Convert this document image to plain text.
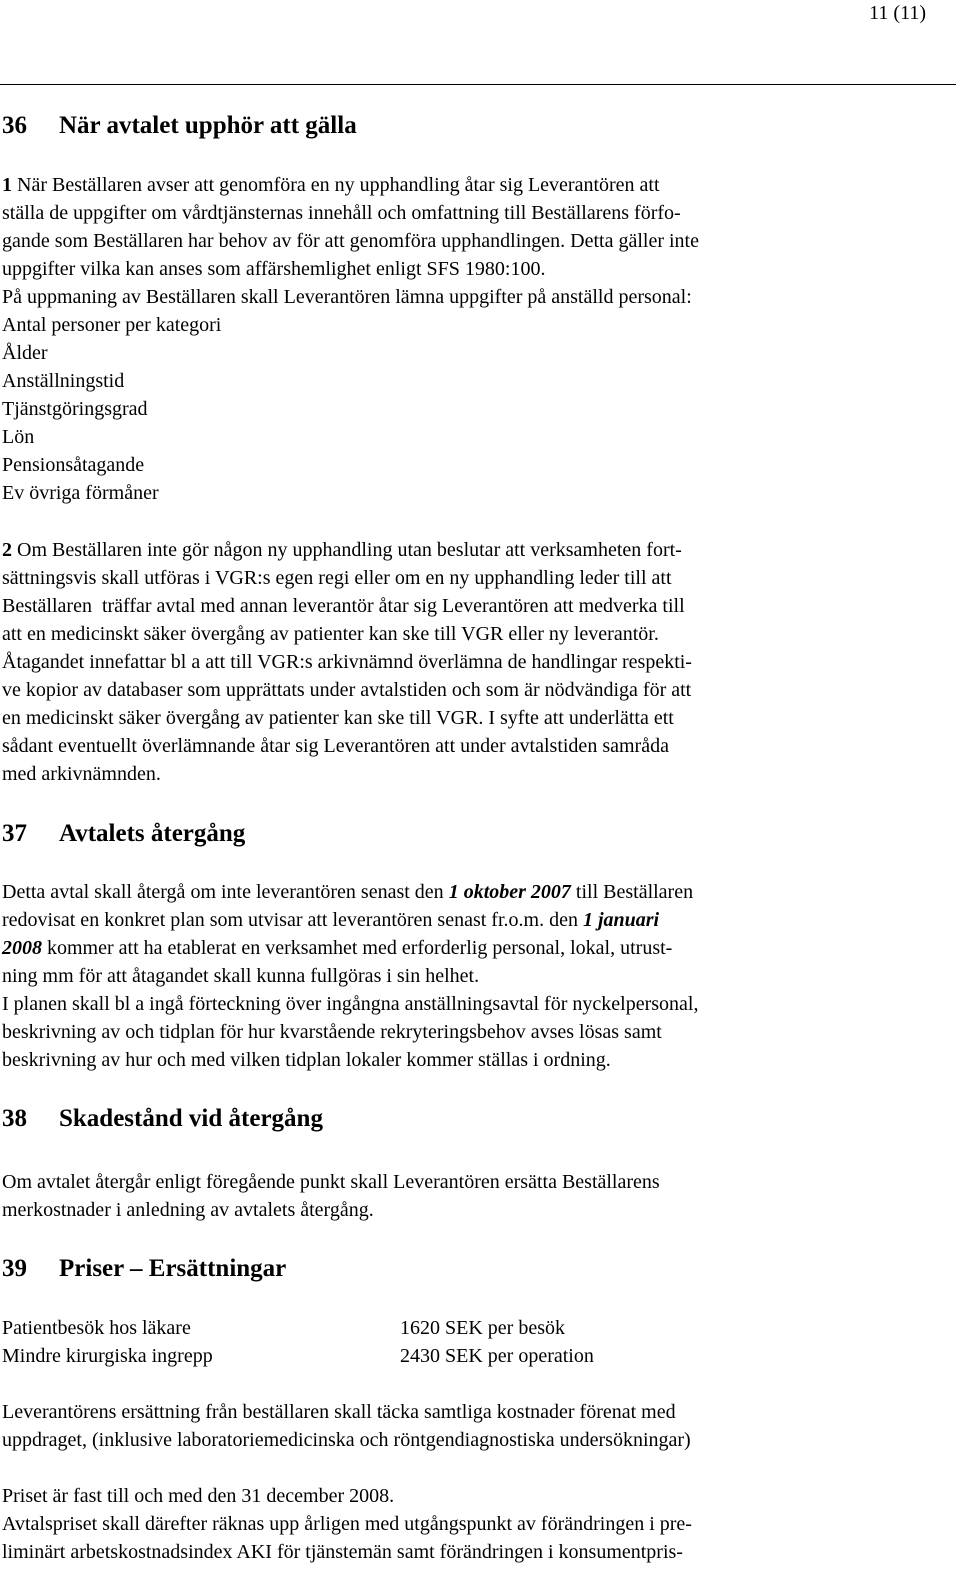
11 (11)
36 När avtalet upphör att gälla
1 När Beställaren avser att genomföra en ny upphandling åtar sig Leverantören att
ställa de uppgifter om vårdtjänsternas innehåll och omfattning till Beställarens förfo-
gande som Beställaren har behov av för att genomföra upphandlingen. Detta gäller inte
uppgifter vilka kan anses som affärshemlighet enligt SFS 1980:100.
På uppmaning av Beställaren skall Leverantören lämna uppgifter på anställd personal:
Antal personer per kategori
Ålder
Anställningstid
Tjänstgöringsgrad
Lön
Pensionsåtagande
Ev övriga förmåner
2 Om Beställaren inte gör någon ny upphandling utan beslutar att verksamheten fort-
sättningsvis skall utföras i VGR:s egen regi eller om en ny upphandling leder till att
Beställaren  träffar avtal med annan leverantör åtar sig Leverantören att medverka till
att en medicinskt säker övergång av patienter kan ske till VGR eller ny leverantör.
Åtagandet innefattar bl a att till VGR:s arkivnämnd överlämna de handlingar respekti-
ve kopior av databaser som upprättats under avtalstiden och som är nödvändiga för att
en medicinskt säker övergång av patienter kan ske till VGR. I syfte att underlätta ett
sådant eventuellt överlämnande åtar sig Leverantören att under avtalstiden samråda
med arkivnämnden.
37 Avtalets återgång
Detta avtal skall återgå om inte leverantören senast den 1 oktober 2007 till Beställaren
redovisat en konkret plan som utvisar att leverantören senast fr.o.m. den 1 januari
2008 kommer att ha etablerat en verksamhet med erforderlig personal, lokal, utrust-
ning mm för att åtagandet skall kunna fullgöras i sin helhet.
I planen skall bl a ingå förteckning över ingångna anställningsavtal för nyckelpersonal,
beskrivning av och tidplan för hur kvarstående rekryteringsbehov avses lösas samt
beskrivning av hur och med vilken tidplan lokaler kommer ställas i ordning.
38 Skadestånd vid återgång
Om avtalet återgår enligt föregående punkt skall Leverantören ersätta Beställarens
merkostnader i anledning av avtalets återgång.
39 Priser – Ersättningar
Patientbesök hos läkare	1620 SEK per besök
Mindre kirurgiska ingrepp	2430 SEK per operation
Leverantörens ersättning från beställaren skall täcka samtliga kostnader förenat med
uppdraget, (inklusive laboratoriemedicinska och röntgendiagnostiska undersökningar)
Priset är fast till och med den 31 december 2008.
Avtalspriset skall därefter räknas upp årligen med utgångspunkt av förändringen i pre-
liminärt arbetskostnadsindex AKI för tjänstemän samt förändringen i konsumentpris-
